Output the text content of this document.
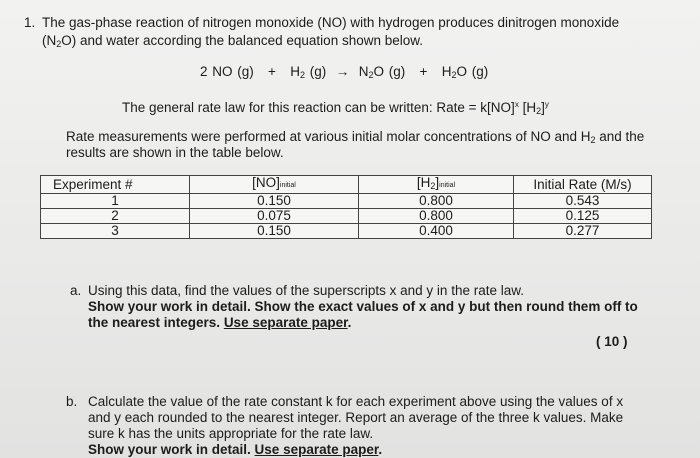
1. The gas-phase reaction of nitrogen monoxide (NO) with hydrogen produces dinitrogen monoxide
$(N_2O)$ and water according the balanced equation shown below.
2 NO $(g) + H_2$ $(g) \to N_2O$ $(g) + H_2O$ (g)
The general rate law for this reaction can be written: Rate = k[NO]$^x$ $[H_2]^y$
Rate measurements were performed at various initial molar concentrations of NO and $H_2$ and the
results are shown in the table below.
Experiment #	[NO]initial	$[H_2]initial$	Initial Rate (M/s)
1	0.150	0.800	0.543
2	0.075	0.800	0.125
3	0.150	0.400	0.277
a. Using this data, find the values of the superscripts x and y in the rate law.
Show your work in detail. Show the exact values of x and y but then round them off to
the nearest integers. Use separate paper.
( 10 )
b. Calculate the value of the rate constant k for each experiment above using the values of x
and y each rounded to the nearest integer. Report an average of the three k values. Make
sure k has the units appropriate for the rate law.
Show your work in detail. Use separate paper.
